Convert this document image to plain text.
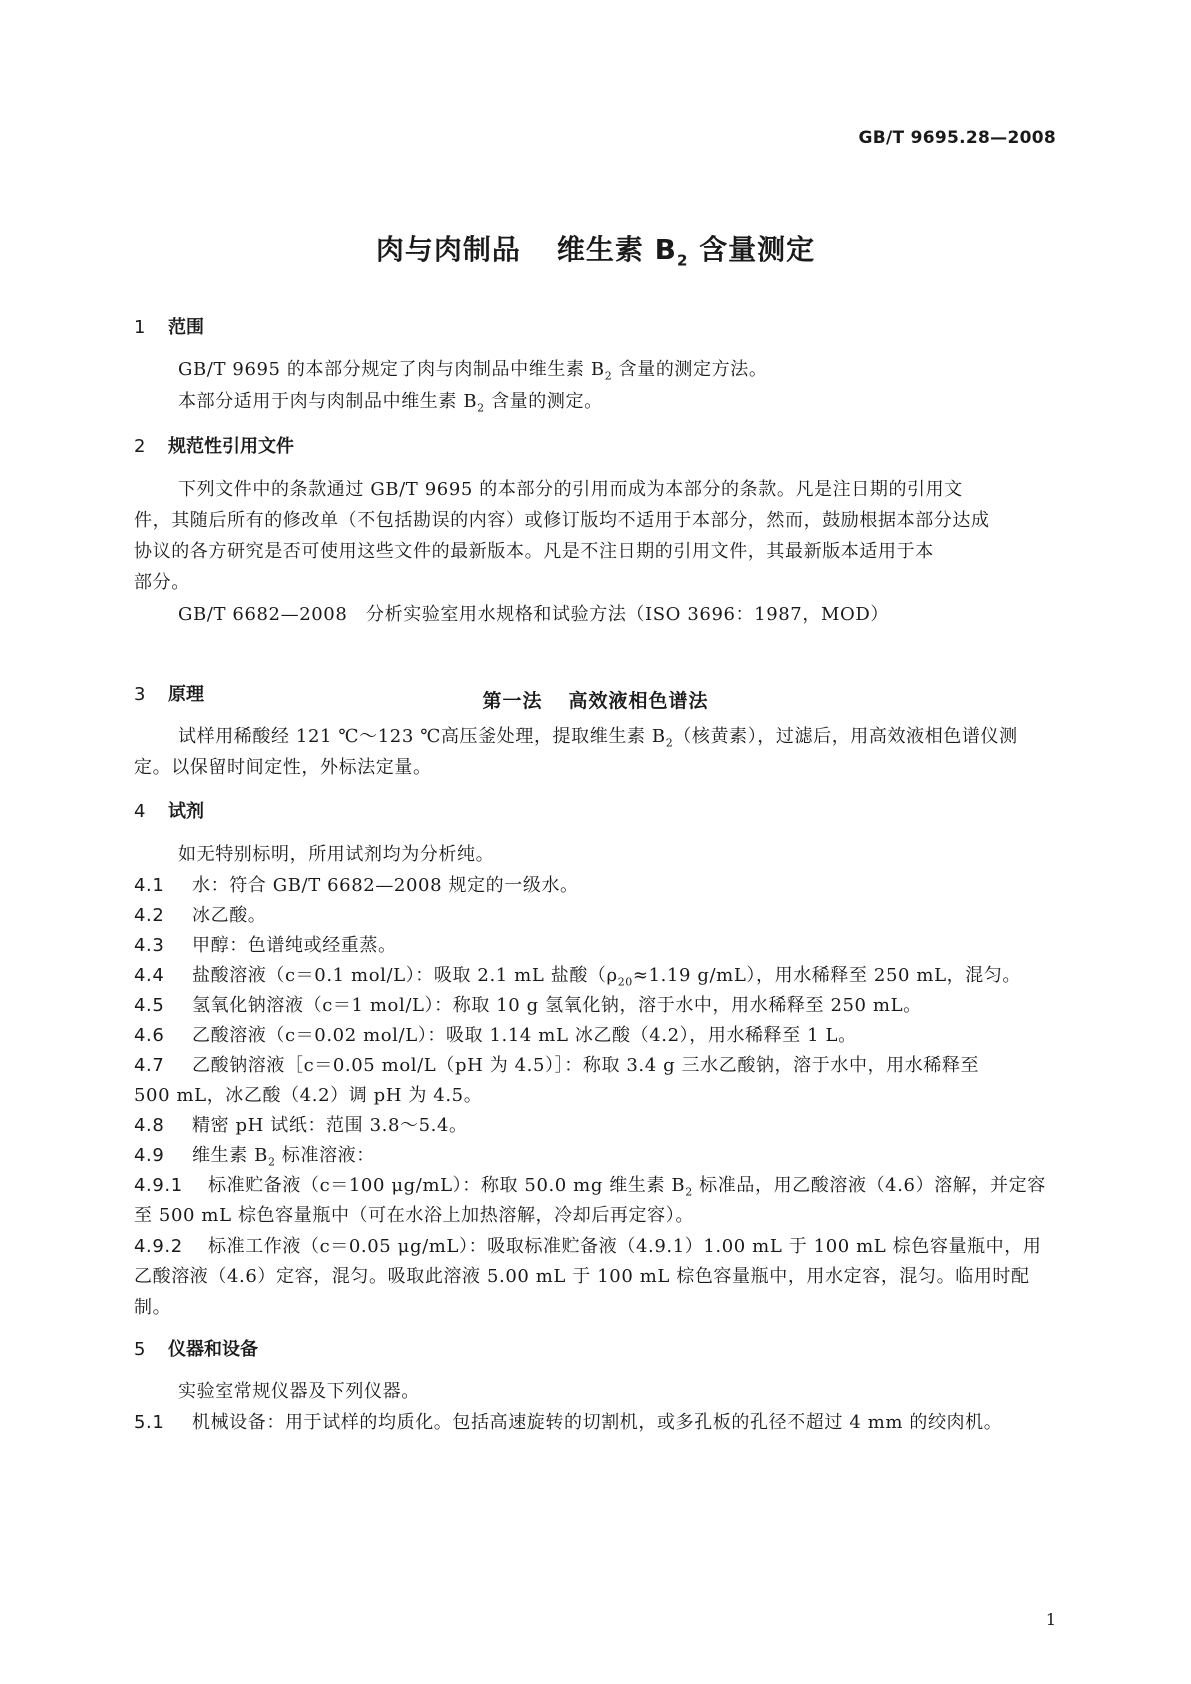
GB/T 9695.28—2008
肉与肉制品 维生素 $B_2$ 含量测定
1 范围
GB/T 9695 的本部分规定了肉与肉制品中维生素 $B_2$ 含量的测定方法。
本部分适用于肉与肉制品中维生素 $B_2$ 含量的测定。
2 规范性引用文件
下列文件中的条款通过 GB/T 9695 的本部分的引用而成为本部分的条款。凡是注日期的引用文
件，其随后所有的修改单（不包括勘误的内容）或修订版均不适用于本部分，然而，鼓励根据本部分达成
协议的各方研究是否可使用这些文件的最新版本。凡是不注日期的引用文件，其最新版本适用于本
部分。
GB/T 6682—2008　分析实验室用水规格和试验方法（ISO 3696：1987，MOD）
第一法 高效液相色谱法
3 原理
试样用稀酸经 121 ℃～123 ℃高压釜处理，提取维生素 $B_2$（核黄素），过滤后，用高效液相色谱仪测
定。以保留时间定性，外标法定量。
4 试剂
如无特别标明，所用试剂均为分析纯。
4.1 水：符合 GB/T 6682—2008 规定的一级水。
4.2 冰乙酸。
4.3 甲醇：色谱纯或经重蒸。
4.4 盐酸溶液（c＝0.1 mol/L）：吸取 2.1 mL 盐酸（$\rho_{20}\approx 1.19$ g/mL），用水稀释至 250 mL，混匀。
4.5 氢氧化钠溶液（c＝1 mol/L）：称取 10 g 氢氧化钠，溶于水中，用水稀释至 250 mL。
4.6 乙酸溶液（c＝0.02 mol/L）：吸取 1.14 mL 冰乙酸（4.2），用水稀释至 1 L。
4.7 乙酸钠溶液［c＝0.05 mol/L（pH 为 4.5）］：称取 3.4 g 三水乙酸钠，溶于水中，用水稀释至
500 mL，冰乙酸（4.2）调 pH 为 4.5。
4.8 精密 pH 试纸：范围 3.8～5.4。
4.9 维生素 $B_2$ 标准溶液：
4.9.1 标准贮备液（c＝100 μg/mL）：称取 50.0 mg 维生素 $B_2$ 标准品，用乙酸溶液（4.6）溶解，并定容
至 500 mL 棕色容量瓶中（可在水浴上加热溶解，冷却后再定容）。
4.9.2 标准工作液（c＝0.05 μg/mL）：吸取标准贮备液（4.9.1）1.00 mL 于 100 mL 棕色容量瓶中，用
乙酸溶液（4.6）定容，混匀。吸取此溶液 5.00 mL 于 100 mL 棕色容量瓶中，用水定容，混匀。临用时配
制。
5 仪器和设备
实验室常规仪器及下列仪器。
5.1 机械设备：用于试样的均质化。包括高速旋转的切割机，或多孔板的孔径不超过 4 mm 的绞肉机。
1
